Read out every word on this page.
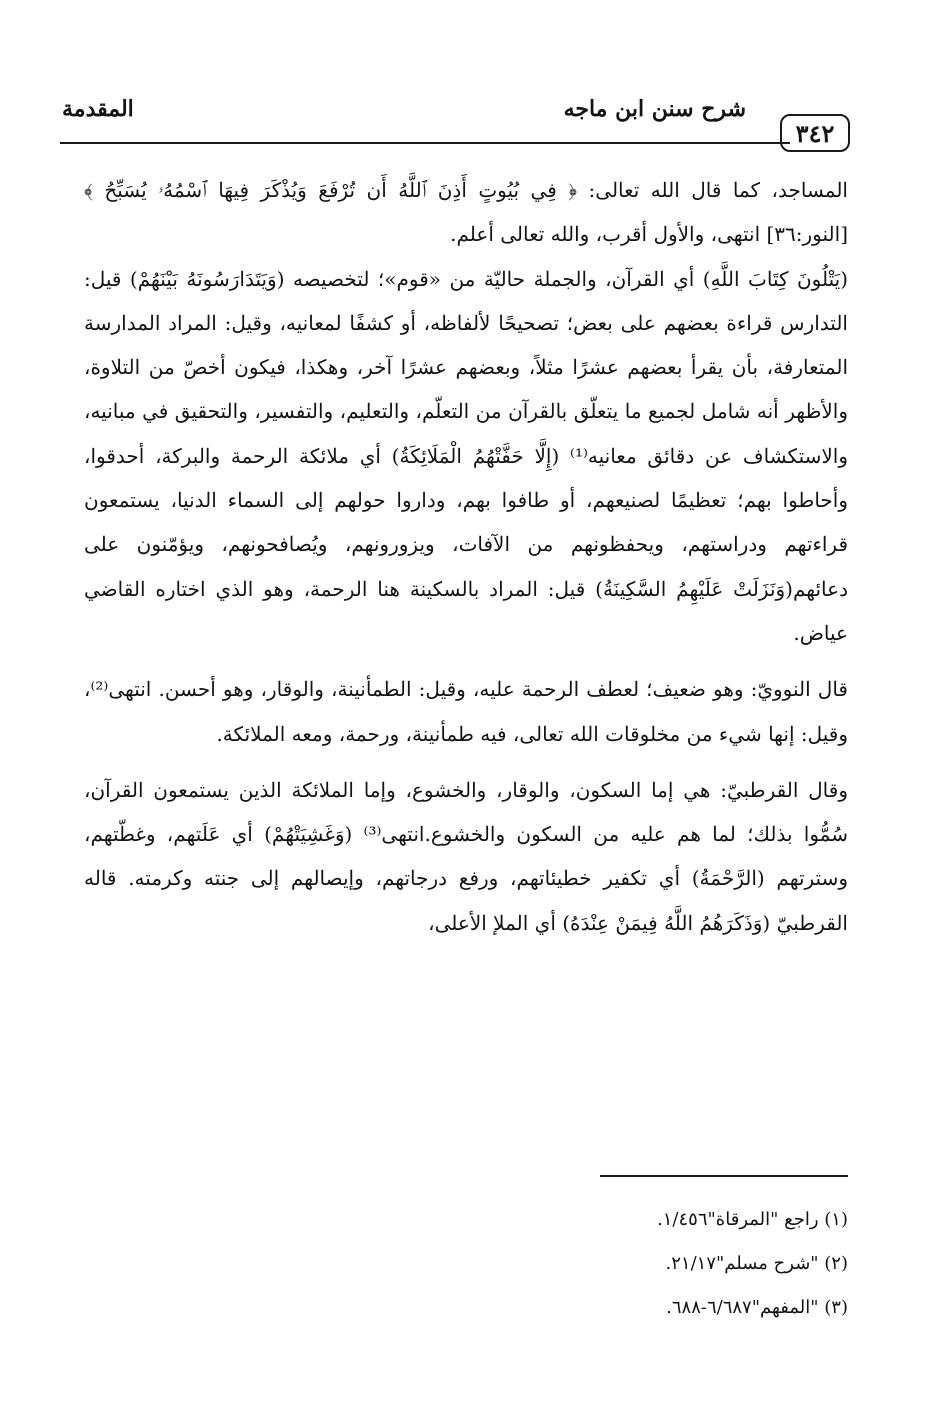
٣٤٢
شرح سنن ابن ماجه
المقدمة

المساجد، كما قال الله تعالى: ﴿ فِي بُيُوتٍ أَذِنَ ٱللَّهُ أَن تُرْفَعَ وَيُذْكَرَ فِيهَا ٱسْمُهُۥ يُسَبِّحُ ﴾ [النور:٣٦] انتهى، والأول أقرب، والله تعالى أعلم.

(يَتْلُونَ كِتَابَ اللَّهِ) أي القرآن، والجملة حاليّة من «قوم»؛ لتخصيصه (وَيَتَدَارَسُونَهُ بَيْنَهُمْ) قيل: التدارس قراءة بعضهم على بعض؛ تصحيحًا لألفاظه، أو كشفًا لمعانيه، وقيل: المراد المدارسة المتعارفة، بأن يقرأ بعضهم عشرًا مثلاً، وبعضهم عشرًا آخر، وهكذا، فيكون أخصّ من التلاوة، والأظهر أنه شامل لجميع ما يتعلّق بالقرآن من التعلّم، والتعليم، والتفسير، والتحقيق في مبانيه، والاستكشاف عن دقائق معانيه⁽¹⁾ (إِلَّا حَفَّتْهُمُ الْمَلَائِكَةُ) أي ملائكة الرحمة والبركة، أحدقوا، وأحاطوا بهم؛ تعظيمًا لصنيعهم، أو طافوا بهم، وداروا حولهم إلى السماء الدنيا، يستمعون قراءتهم ودراستهم، ويحفظونهم من الآفات، ويزورونهم، ويُصافحونهم، ويؤمّنون على دعائهم(وَنَزَلَتْ عَلَيْهِمُ السَّكِينَةُ) قيل: المراد بالسكينة هنا الرحمة، وهو الذي اختاره القاضي عياض.

قال النوويّ: وهو ضعيف؛ لعطف الرحمة عليه، وقيل: الطمأنينة، والوقار، وهو أحسن. انتهى⁽²⁾، وقيل: إنها شيء من مخلوقات الله تعالى، فيه طمأنينة، ورحمة، ومعه الملائكة.

وقال القرطبيّ: هي إما السكون، والوقار، والخشوع، وإما الملائكة الذين يستمعون القرآن، سُمُّوا بذلك؛ لما هم عليه من السكون والخشوع.انتهى⁽³⁾ (وَغَشِيَتْهُمْ) أي عَلَتهم، وغطّتهم، وسترتهم (الرَّحْمَةُ) أي تكفير خطيئاتهم، ورفع درجاتهم، وإيصالهم إلى جنته وكرمته. قاله القرطبيّ (وَذَكَرَهُمُ اللَّهُ فِيمَنْ عِنْدَهُ) أي الملإ الأعلى،

(١) راجع "المرقاة"١/٤٥٦.

(٢) "شرح مسلم"٢١/١٧.

(٣) "المفهم"٦/٦٨٧-٦٨٨.
